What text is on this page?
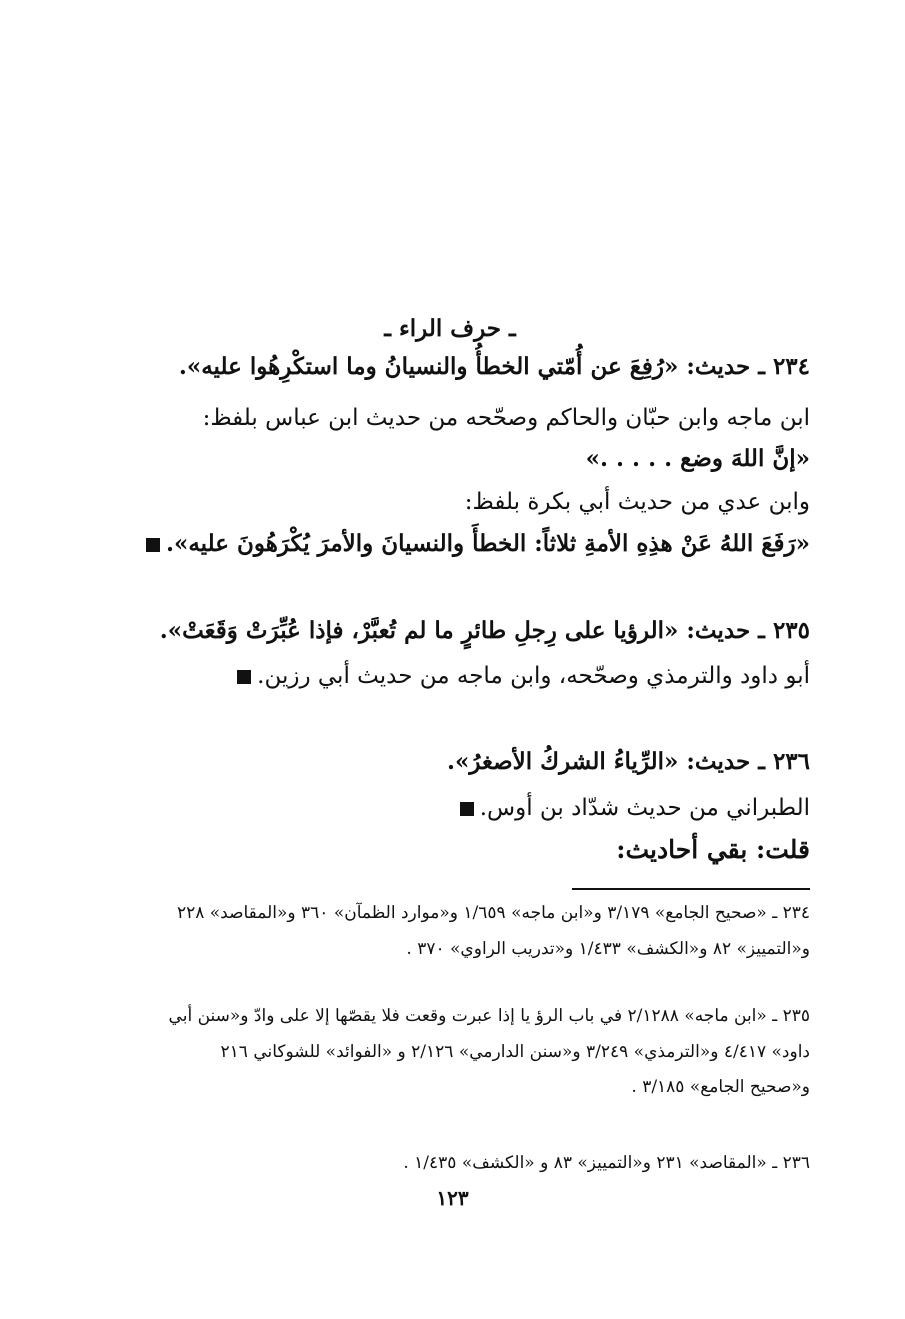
ـ حرف الراء ـ
٢٣٤ ـ حديث: «رُفِعَ عن أُمّتي الخطأُ والنسيانُ وما استكْرِهُوا عليه».
ابن ماجه وابن حبّان والحاكم وصحّحه من حديث ابن عباس بلفظ:
«إنَّ اللهَ وضع . . . . .»
وابن عدي من حديث أبي بكرة بلفظ:
«رَفَعَ اللهُ عَنْ هذِهِ الأمةِ ثلاثاً: الخطأَ والنسيانَ والأمرَ يُكْرَهُونَ عليه».
٢٣٥ ـ حديث: «الرؤيا على رِجلِ طائرٍ ما لم تُعبَّرْ، فإذا عُبِّرَتْ وَقَعَتْ».
أبو داود والترمذي وصحّحه، وابن ماجه من حديث أبي رزين.
٢٣٦ ـ حديث: «الرِّياءُ الشركُ الأصغرُ».
الطبراني من حديث شدّاد بن أوس.
قلت: بقي أحاديث:
٢٣٤ ـ «صحيح الجامع» ٣/١٧٩ و«ابن ماجه» ١/٦٥٩ و«موارد الظمآن» ٣٦٠ و«المقاصد» ٢٢٨
و«التمييز» ٨٢ و«الكشف» ١/٤٣٣ و«تدريب الراوي» ٣٧٠ .
٢٣٥ ـ «ابن ماجه» ٢/١٢٨٨ في باب الرؤ يا إذا عبرت وقعت فلا يقصّها إلا على وادّ و«سنن أبي
داود» ٤/٤١٧ و«الترمذي» ٣/٢٤٩ و«سنن الدارمي» ٢/١٢٦ و «الفوائد» للشوكاني ٢١٦
و«صحيح الجامع» ٣/١٨٥ .
٢٣٦ ـ «المقاصد» ٢٣١ و«التمييز» ٨٣ و «الكشف» ١/٤٣٥ .
١٢٣
